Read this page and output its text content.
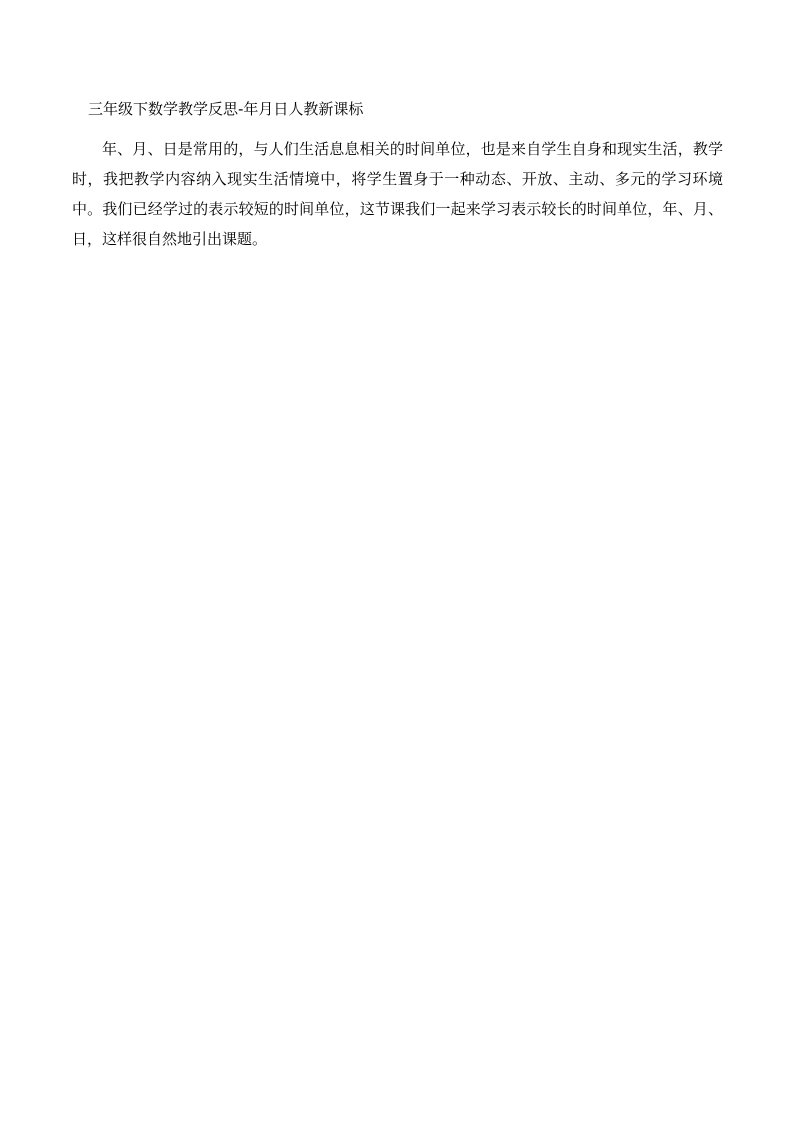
三年级下数学教学反思-年月日人教新课标

年、月、日是常用的，与人们生活息息相关的时间单位，也是来自学生自身和现实生活，教学时，我把教学内容纳入现实生活情境中，将学生置身于一种动态、开放、主动、多元的学习环境中。我们已经学过的表示较短的时间单位，这节课我们一起来学习表示较长的时间单位，年、月、日，这样很自然地引出课题。
